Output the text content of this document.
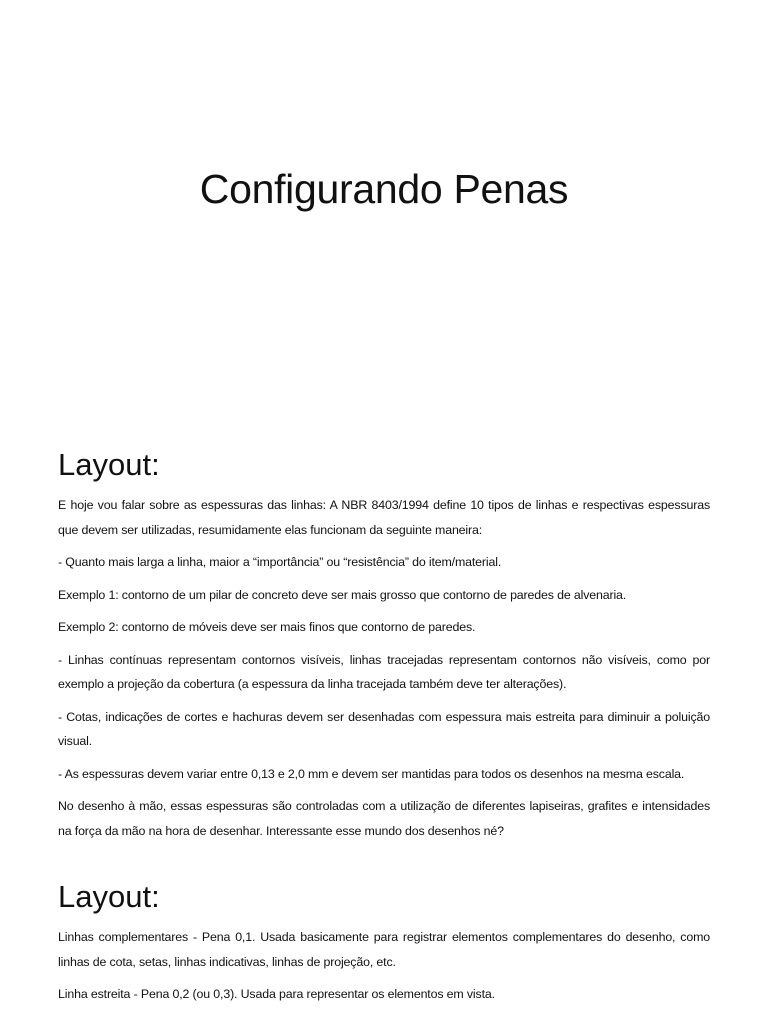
Configurando Penas
Layout:

E hoje vou falar sobre as espessuras das linhas: A NBR 8403/1994 define 10 tipos de linhas e respectivas espessuras que devem ser utilizadas, resumidamente elas funcionam da seguinte maneira:

- Quanto mais larga a linha, maior a “importância” ou “resistência” do item/material.

Exemplo 1: contorno de um pilar de concreto deve ser mais grosso que contorno de paredes de alvenaria.

Exemplo 2: contorno de móveis deve ser mais finos que contorno de paredes.

- Linhas contínuas representam contornos visíveis, linhas tracejadas representam contornos não visíveis, como por exemplo a projeção da cobertura (a espessura da linha tracejada também deve ter alterações).

- Cotas, indicações de cortes e hachuras devem ser desenhadas com espessura mais estreita para diminuir a poluição visual.

- As espessuras devem variar entre 0,13 e 2,0 mm e devem ser mantidas para todos os desenhos na mesma escala.

No desenho à mão, essas espessuras são controladas com a utilização de diferentes lapiseiras, grafites e intensidades na força da mão na hora de desenhar. Interessante esse mundo dos desenhos né?

Layout:

Linhas complementares - Pena 0,1. Usada basicamente para registrar elementos complementares do desenho, como linhas de cota, setas, linhas indicativas, linhas de projeção, etc.

Linha estreita - Pena 0,2 (ou 0,3). Usada para representar os elementos em vista.
